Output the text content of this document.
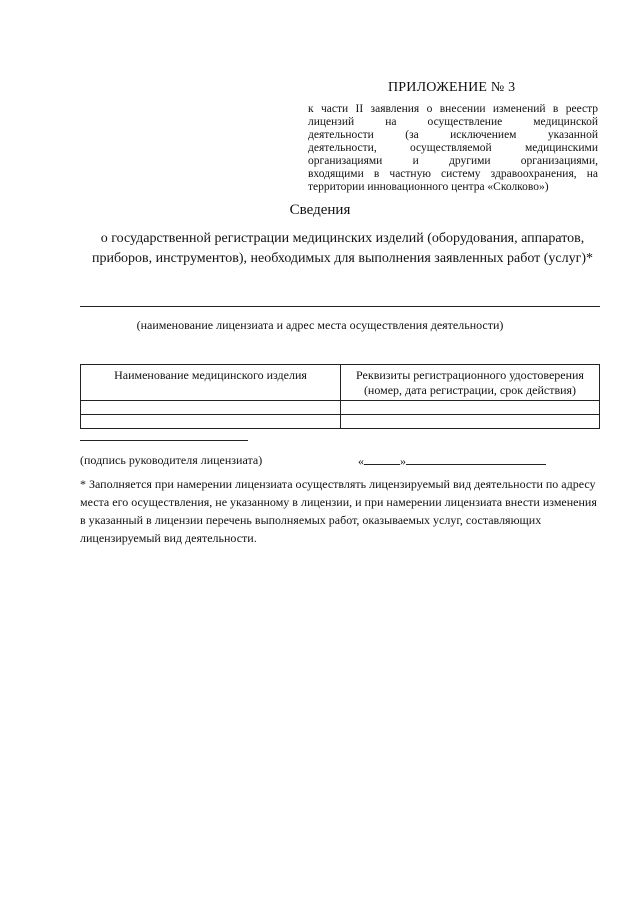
ПРИЛОЖЕНИЕ № 3
к части II заявления о внесении изменений в реестр
лицензий на осуществление медицинской
деятельности (за исключением указанной
деятельности, осуществляемой медицинскими
организациями и другими организациями,
входящими в частную систему здравоохранения, на
территории инновационного центра «Сколково»)
Сведения
о государственной регистрации медицинских изделий (оборудования, аппаратов, приборов, инструментов), необходимых для выполнения заявленных работ (услуг)*
(наименование лицензиата и адрес места осуществления деятельности)
Наименование медицинского изделия	Реквизиты регистрационного удостоверения (номер, дата регистрации, срок действия)

(подпись руководителя лицензиата)	«	»
* Заполняется при намерении лицензиата осуществлять лицензируемый вид деятельности по адресу места его осуществления, не указанному в лицензии, и при намерении лицензиата внести изменения в указанный в лицензии перечень выполняемых работ, оказываемых услуг, составляющих лицензируемый вид деятельности.
